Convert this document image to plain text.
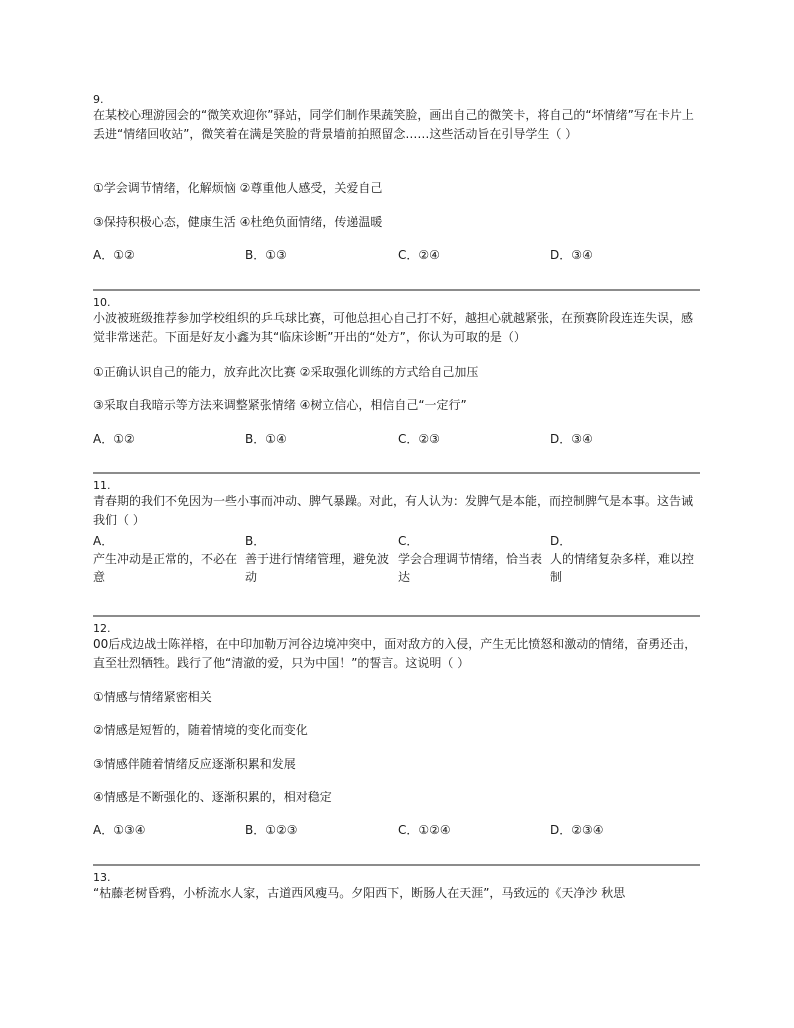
9.

在某校心理游园会的“微笑欢迎你”驿站，同学们制作果蔬笑脸，画出自己的微笑卡，将自己的“坏情绪”写在卡片上丢进“情绪回收站”，微笑着在满是笑脸的背景墙前拍照留念……这些活动旨在引导学生（ ）

①学会调节情绪，化解烦恼 ②尊重他人感受，关爱自己
③保持积极心态，健康生活 ④杜绝负面情绪，传递温暖
A．①②	B．①③	C．②④	D．③④

10.

小波被班级推荐参加学校组织的乒乓球比赛，可他总担心自己打不好，越担心就越紧张，在预赛阶段连连失误，感觉非常迷茫。下面是好友小鑫为其“临床诊断”开出的“处方”，你认为可取的是（）

①正确认识自己的能力，放弃此次比赛 ②采取强化训练的方式给自己加压
③采取自我暗示等方法来调整紧张情绪 ④树立信心，相信自己“一定行”
A．①②	B．①④	C．②③	D．③④

11.

青春期的我们不免因为一些小事而冲动、脾气暴躁。对此，有人认为：发脾气是本能，而控制脾气是本事。这告诫我们（ ）

A．
产生冲动是正常的，不必在意
B．
善于进行情绪管理，避免波动
C．
学会合理调节情绪，恰当表达
D．
人的情绪复杂多样，难以控制

12.

00后戍边战士陈祥榕，在中印加勒万河谷边境冲突中，面对敌方的入侵，产生无比愤怒和激动的情绪，奋勇还击，直至壮烈牺牲。践行了他“清澈的爱，只为中国！”的誓言。这说明（ ）

①情感与情绪紧密相关
②情感是短暂的，随着情境的变化而变化
③情感伴随着情绪反应逐渐积累和发展
④情感是不断强化的、逐渐积累的，相对稳定
A．①③④	B．①②③	C．①②④	D．②③④

13.

“枯藤老树昏鸦，小桥流水人家，古道西风瘦马。夕阳西下，断肠人在天涯”，马致远的《天净沙 秋思
